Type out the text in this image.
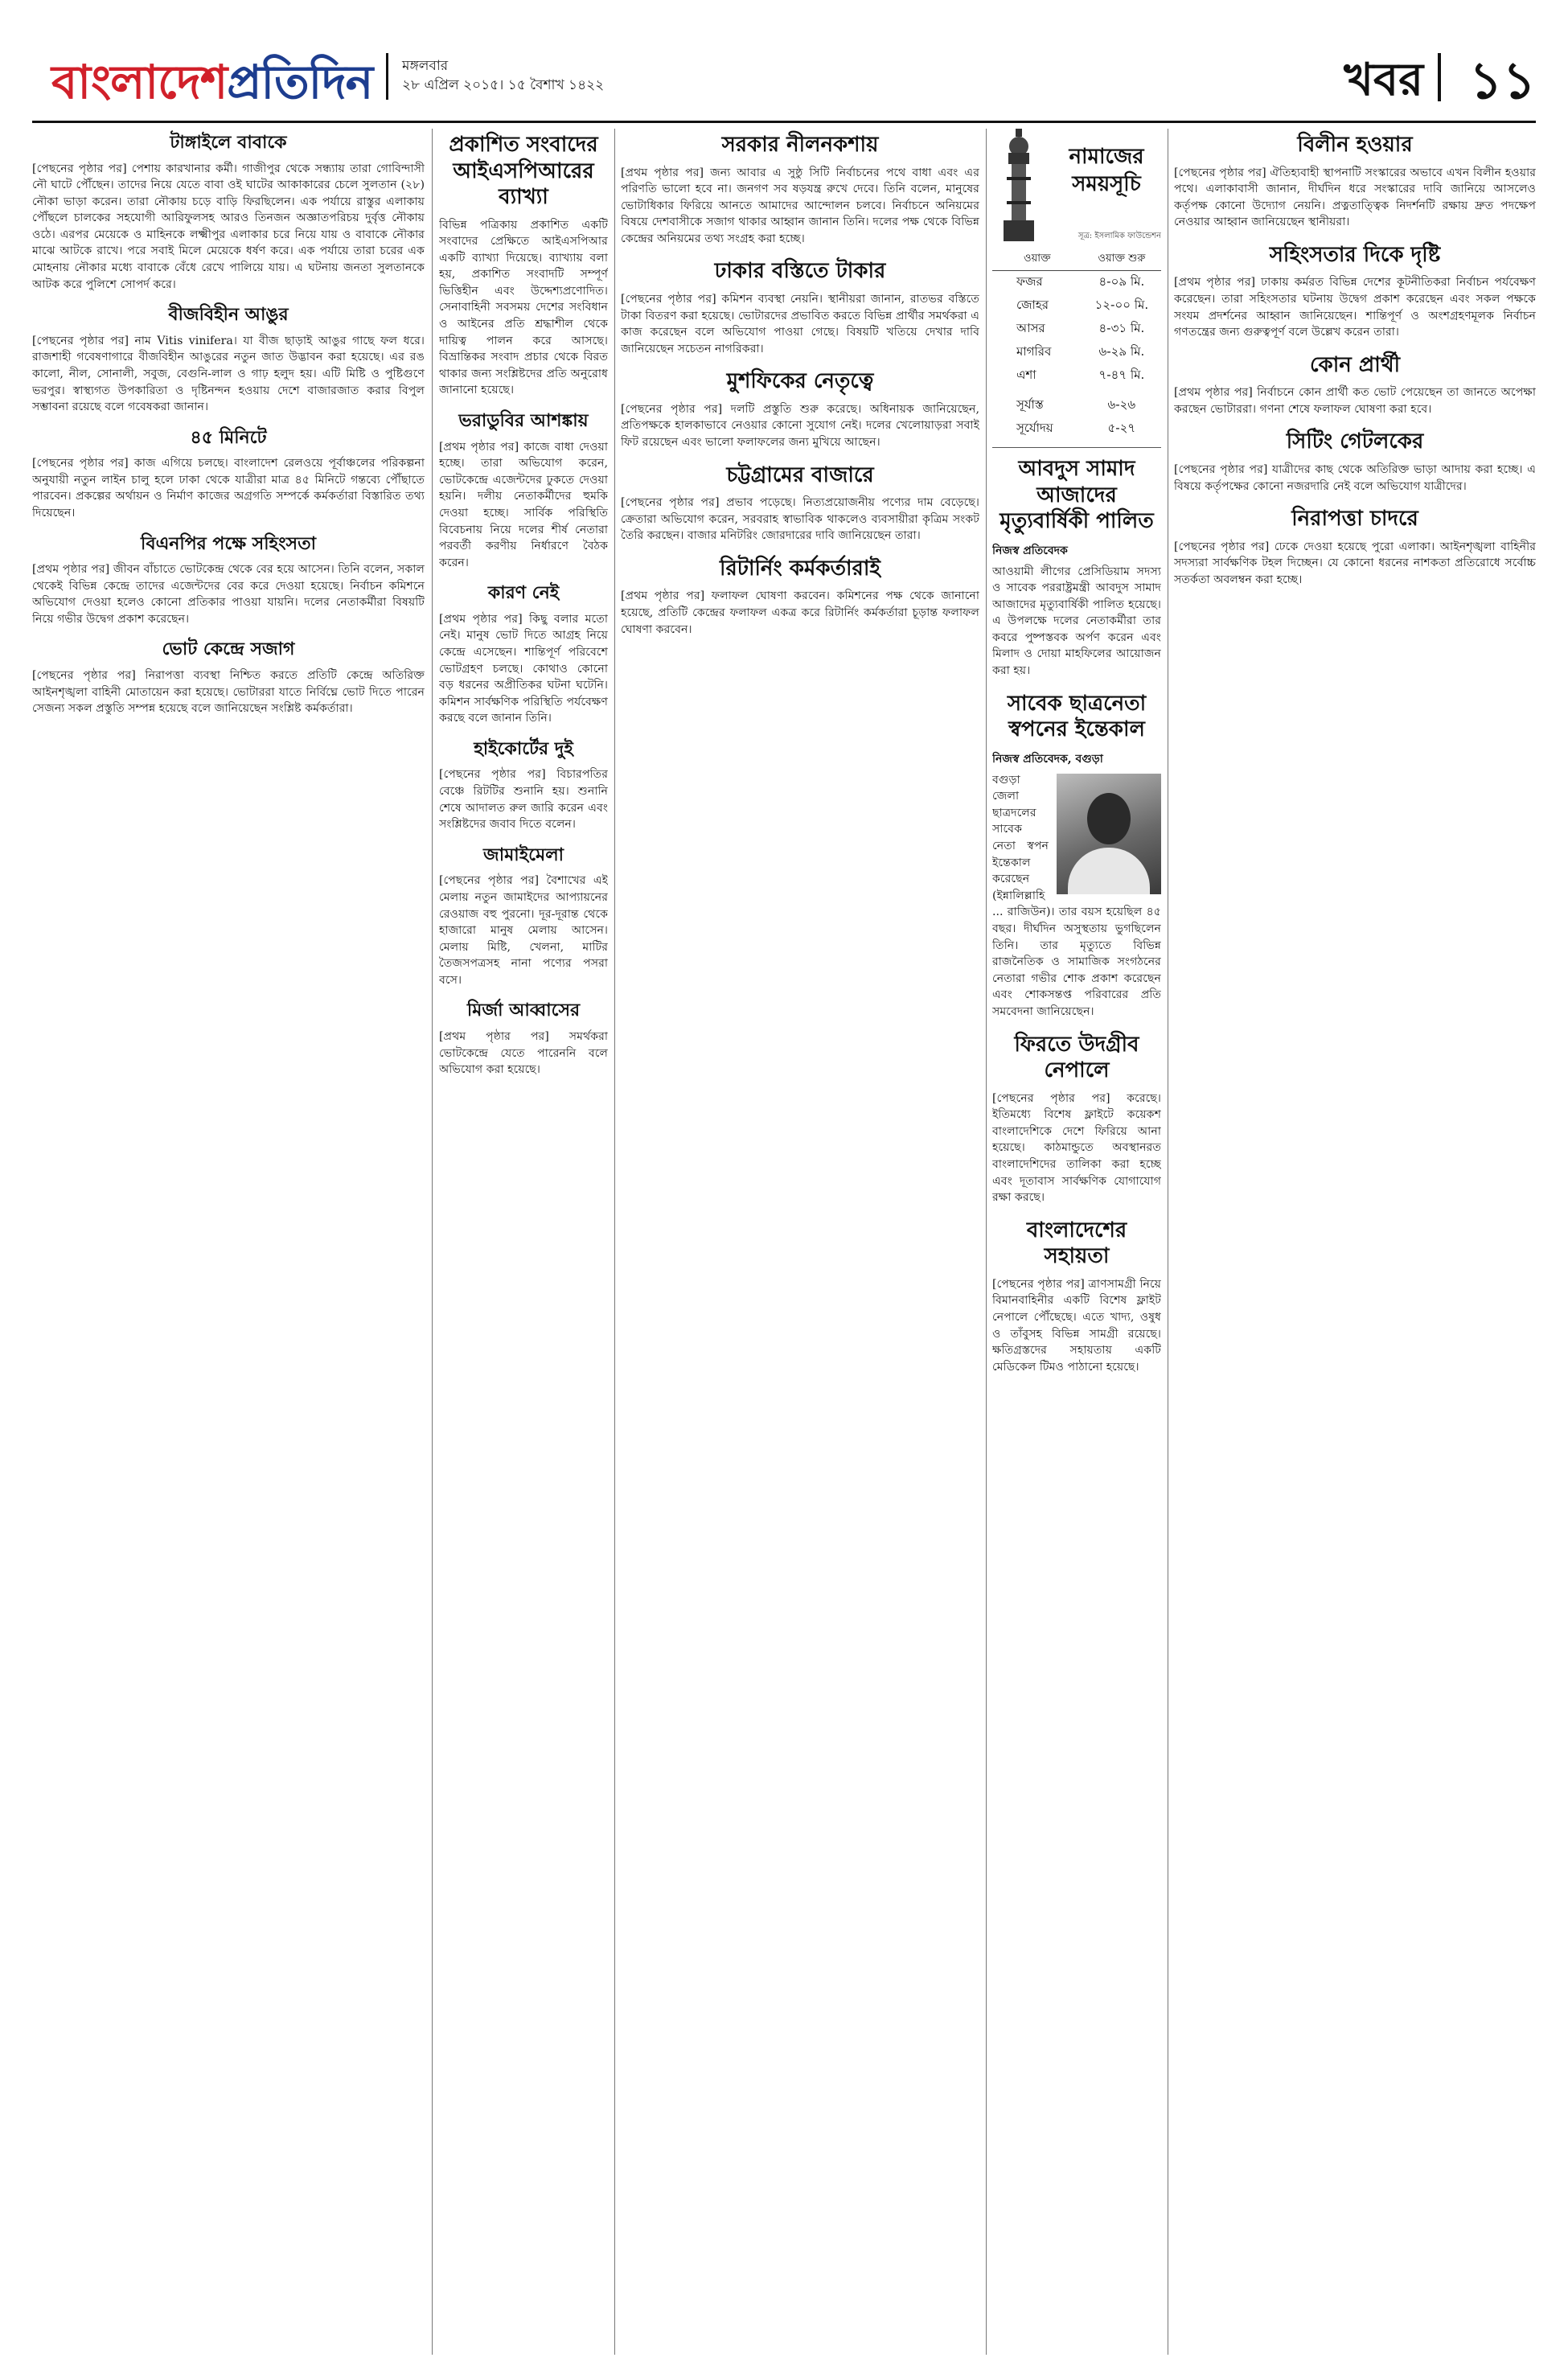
বাংলাদেশপ্রতিদিন মঙ্গলবার
২৮ এপ্রিল ২০১৫। ১৫ বৈশাখ ১৪২২	খবর ১১
টাঙ্গাইলে বাবাকে

[পেছনের পৃষ্ঠার পর] পেশায় কারখানার কর্মী। গাজীপুর থেকে সন্ধ্যায় তারা গোবিন্দাসী নৌ ঘাটে পৌঁছেন। তাদের নিয়ে যেতে বাবা ওই ঘাটের আকাকারের চেলে সুলতান (২৮) নৌকা ভাড়া করেন। তারা নৌকায় চড়ে বাড়ি ফিরছিলেন। এক পর্যায়ে রাস্তুর এলাকায় পৌঁছলে চালকের সহযোগী আরিফুলসহ আরও তিনজন অজ্ঞাতপরিচয় দুর্বৃত্ত নৌকায় ওঠে। এরপর মেয়েকে ও মাহিনকে লক্ষ্মীপুর এলাকার চরে নিয়ে যায় ও বাবাকে নৌকার মাঝে আটকে রাখে। পরে সবাই মিলে মেয়েকে ধর্ষণ করে। এক পর্যায়ে তারা চরের এক মোহনায় নৌকার মধ্যে বাবাকে বেঁধে রেখে পালিয়ে যায়। এ ঘটনায় জনতা সুলতানকে আটক করে পুলিশে সোপর্দ করে।

বীজবিহীন আঙুর

[পেছনের পৃষ্ঠার পর] নাম Vitis vinifera। যা বীজ ছাড়াই আঙুর গাছে ফল ধরে। রাজশাহী গবেষণাগারে বীজবিহীন আঙুরের নতুন জাত উদ্ভাবন করা হয়েছে। এর রঙ কালো, নীল, সোনালী, সবুজ, বেগুনি-লাল ও গাঢ় হলুদ হয়। এটি মিষ্টি ও পুষ্টিগুণে ভরপুর। স্বাস্থ্যগত উপকারিতা ও দৃষ্টিনন্দন হওয়ায় দেশে বাজারজাত করার বিপুল সম্ভাবনা রয়েছে বলে গবেষকরা জানান।

৪৫ মিনিটে

[পেছনের পৃষ্ঠার পর] কাজ এগিয়ে চলছে। বাংলাদেশ রেলওয়ে পূর্বাঞ্চলের পরিকল্পনা অনুযায়ী নতুন লাইন চালু হলে ঢাকা থেকে যাত্রীরা মাত্র ৪৫ মিনিটে গন্তব্যে পৌঁছাতে পারবেন। প্রকল্পের অর্থায়ন ও নির্মাণ কাজের অগ্রগতি সম্পর্কে কর্মকর্তারা বিস্তারিত তথ্য দিয়েছেন।

বিএনপির পক্ষে সহিংসতা

[প্রথম পৃষ্ঠার পর] জীবন বাঁচাতে ভোটকেন্দ্র থেকে বের হয়ে আসেন। তিনি বলেন, সকাল থেকেই বিভিন্ন কেন্দ্রে তাদের এজেন্টদের বের করে দেওয়া হয়েছে। নির্বাচন কমিশনে অভিযোগ দেওয়া হলেও কোনো প্রতিকার পাওয়া যায়নি। দলের নেতাকর্মীরা বিষয়টি নিয়ে গভীর উদ্বেগ প্রকাশ করেছেন।

ভোট কেন্দ্রে সজাগ

[পেছনের পৃষ্ঠার পর] নিরাপত্তা ব্যবস্থা নিশ্চিত করতে প্রতিটি কেন্দ্রে অতিরিক্ত আইনশৃঙ্খলা বাহিনী মোতায়েন করা হয়েছে। ভোটাররা যাতে নির্বিঘ্নে ভোট দিতে পারেন সেজন্য সকল প্রস্তুতি সম্পন্ন হয়েছে বলে জানিয়েছেন সংশ্লিষ্ট কর্মকর্তারা।

প্রকাশিত সংবাদের আইএসপিআরের ব্যাখ্যা

বিভিন্ন পত্রিকায় প্রকাশিত একটি সংবাদের প্রেক্ষিতে আইএসপিআর একটি ব্যাখ্যা দিয়েছে। ব্যাখ্যায় বলা হয়, প্রকাশিত সংবাদটি সম্পূর্ণ ভিত্তিহীন এবং উদ্দেশ্যপ্রণোদিত। সেনাবাহিনী সবসময় দেশের সংবিধান ও আইনের প্রতি শ্রদ্ধাশীল থেকে দায়িত্ব পালন করে আসছে। বিভ্রান্তিকর সংবাদ প্রচার থেকে বিরত থাকার জন্য সংশ্লিষ্টদের প্রতি অনুরোধ জানানো হয়েছে।

ভরাডুবির আশঙ্কায়

[প্রথম পৃষ্ঠার পর] কাজে বাধা দেওয়া হচ্ছে। তারা অভিযোগ করেন, ভোটকেন্দ্রে এজেন্টদের ঢুকতে দেওয়া হয়নি। দলীয় নেতাকর্মীদের হুমকি দেওয়া হচ্ছে। সার্বিক পরিস্থিতি বিবেচনায় নিয়ে দলের শীর্ষ নেতারা পরবর্তী করণীয় নির্ধারণে বৈঠক করেন।

কারণ নেই

[প্রথম পৃষ্ঠার পর] কিছু বলার মতো নেই। মানুষ ভোট দিতে আগ্রহ নিয়ে কেন্দ্রে এসেছেন। শান্তিপূর্ণ পরিবেশে ভোটগ্রহণ চলছে। কোথাও কোনো বড় ধরনের অপ্রীতিকর ঘটনা ঘটেনি। কমিশন সার্বক্ষণিক পরিস্থিতি পর্যবেক্ষণ করছে বলে জানান তিনি।

হাইকোর্টের দুই

[পেছনের পৃষ্ঠার পর] বিচারপতির বেঞ্চে রিটটির শুনানি হয়। শুনানি শেষে আদালত রুল জারি করেন এবং সংশ্লিষ্টদের জবাব দিতে বলেন।

জামাইমেলা

[পেছনের পৃষ্ঠার পর] বৈশাখের এই মেলায় নতুন জামাইদের আপ্যায়নের রেওয়াজ বহু পুরনো। দূর-দূরান্ত থেকে হাজারো মানুষ মেলায় আসেন। মেলায় মিষ্টি, খেলনা, মাটির তৈজসপত্রসহ নানা পণ্যের পসরা বসে।

মির্জা আব্বাসের

[প্রথম পৃষ্ঠার পর] সমর্থকরা ভোটকেন্দ্রে যেতে পারেননি বলে অভিযোগ করা হয়েছে।

সরকার নীলনকশায়

[প্রথম পৃষ্ঠার পর] জন্য আবার এ সুষ্ঠু সিটি নির্বাচনের পথে বাধা এবং এর পরিণতি ভালো হবে না। জনগণ সব ষড়যন্ত্র রুখে দেবে। তিনি বলেন, মানুষের ভোটাধিকার ফিরিয়ে আনতে আমাদের আন্দোলন চলবে। নির্বাচনে অনিয়মের বিষয়ে দেশবাসীকে সজাগ থাকার আহ্বান জানান তিনি। দলের পক্ষ থেকে বিভিন্ন কেন্দ্রের অনিয়মের তথ্য সংগ্রহ করা হচ্ছে।

ঢাকার বস্তিতে টাকার

[পেছনের পৃষ্ঠার পর] কমিশন ব্যবস্থা নেয়নি। স্থানীয়রা জানান, রাতভর বস্তিতে টাকা বিতরণ করা হয়েছে। ভোটারদের প্রভাবিত করতে বিভিন্ন প্রার্থীর সমর্থকরা এ কাজ করেছেন বলে অভিযোগ পাওয়া গেছে। বিষয়টি খতিয়ে দেখার দাবি জানিয়েছেন সচেতন নাগরিকরা।

মুশফিকের নেতৃত্বে

[পেছনের পৃষ্ঠার পর] দলটি প্রস্তুতি শুরু করেছে। অধিনায়ক জানিয়েছেন, প্রতিপক্ষকে হালকাভাবে নেওয়ার কোনো সুযোগ নেই। দলের খেলোয়াড়রা সবাই ফিট রয়েছেন এবং ভালো ফলাফলের জন্য মুখিয়ে আছেন।

চট্টগ্রামের বাজারে

[পেছনের পৃষ্ঠার পর] প্রভাব পড়েছে। নিত্যপ্রয়োজনীয় পণ্যের দাম বেড়েছে। ক্রেতারা অভিযোগ করেন, সরবরাহ স্বাভাবিক থাকলেও ব্যবসায়ীরা কৃত্রিম সংকট তৈরি করছেন। বাজার মনিটরিং জোরদারের দাবি জানিয়েছেন তারা।

রিটার্নিং কর্মকর্তারাই

[প্রথম পৃষ্ঠার পর] ফলাফল ঘোষণা করবেন। কমিশনের পক্ষ থেকে জানানো হয়েছে, প্রতিটি কেন্দ্রের ফলাফল একত্র করে রিটার্নিং কর্মকর্তারা চূড়ান্ত ফলাফল ঘোষণা করবেন।

নামাজের
সময়সূচি
সূত্র: ইসলামিক ফাউন্ডেশন
ওয়াক্ত	ওয়াক্ত শুরু
ফজর	৪-০৯ মি.
জোহর	১২-০০ মি.
আসর	৪-৩১ মি.
মাগরিব	৬-২৯ মি.
এশা	৭-৪৭ মি.
সূর্যাস্ত	৬-২৬
সূর্যোদয়	৫-২৭
আবদুস সামাদ আজাদের মৃত্যুবার্ষিকী পালিত
নিজস্ব প্রতিবেদক

আওয়ামী লীগের প্রেসিডিয়াম সদস্য ও সাবেক পররাষ্ট্রমন্ত্রী আবদুস সামাদ আজাদের মৃত্যুবার্ষিকী পালিত হয়েছে। এ উপলক্ষে দলের নেতাকর্মীরা তার কবরে পুষ্পস্তবক অর্পণ করেন এবং মিলাদ ও দোয়া মাহফিলের আয়োজন করা হয়।

সাবেক ছাত্রনেতা স্বপনের ইন্তেকাল
নিজস্ব প্রতিবেদক, বগুড়া

বগুড়া জেলা ছাত্রদলের সাবেক নেতা স্বপন ইন্তেকাল করেছেন (ইন্নালিল্লাহি ... রাজিউন)। তার বয়স হয়েছিল ৪৫ বছর। দীর্ঘদিন অসুস্থতায় ভুগছিলেন তিনি। তার মৃত্যুতে বিভিন্ন রাজনৈতিক ও সামাজিক সংগঠনের নেতারা গভীর শোক প্রকাশ করেছেন এবং শোকসন্তপ্ত পরিবারের প্রতি সমবেদনা জানিয়েছেন।

ফিরতে উদগ্রীব নেপালে

[পেছনের পৃষ্ঠার পর] করেছে। ইতিমধ্যে বিশেষ ফ্লাইটে কয়েকশ বাংলাদেশিকে দেশে ফিরিয়ে আনা হয়েছে। কাঠমান্ডুতে অবস্থানরত বাংলাদেশিদের তালিকা করা হচ্ছে এবং দূতাবাস সার্বক্ষণিক যোগাযোগ রক্ষা করছে।

বাংলাদেশের সহায়তা

[পেছনের পৃষ্ঠার পর] ত্রাণসামগ্রী নিয়ে বিমানবাহিনীর একটি বিশেষ ফ্লাইট নেপালে পৌঁছেছে। এতে খাদ্য, ওষুধ ও তাঁবুসহ বিভিন্ন সামগ্রী রয়েছে। ক্ষতিগ্রস্তদের সহায়তায় একটি মেডিকেল টিমও পাঠানো হয়েছে।

বিলীন হওয়ার

[পেছনের পৃষ্ঠার পর] ঐতিহ্যবাহী স্থাপনাটি সংস্কারের অভাবে এখন বিলীন হওয়ার পথে। এলাকাবাসী জানান, দীর্ঘদিন ধরে সংস্কারের দাবি জানিয়ে আসলেও কর্তৃপক্ষ কোনো উদ্যোগ নেয়নি। প্রত্নতাত্ত্বিক নিদর্শনটি রক্ষায় দ্রুত পদক্ষেপ নেওয়ার আহ্বান জানিয়েছেন স্থানীয়রা।

সহিংসতার দিকে দৃষ্টি

[প্রথম পৃষ্ঠার পর] ঢাকায় কর্মরত বিভিন্ন দেশের কূটনীতিকরা নির্বাচন পর্যবেক্ষণ করেছেন। তারা সহিংসতার ঘটনায় উদ্বেগ প্রকাশ করেছেন এবং সকল পক্ষকে সংযম প্রদর্শনের আহ্বান জানিয়েছেন। শান্তিপূর্ণ ও অংশগ্রহণমূলক নির্বাচন গণতন্ত্রের জন্য গুরুত্বপূর্ণ বলে উল্লেখ করেন তারা।

কোন প্রার্থী

[প্রথম পৃষ্ঠার পর] নির্বাচনে কোন প্রার্থী কত ভোট পেয়েছেন তা জানতে অপেক্ষা করছেন ভোটাররা। গণনা শেষে ফলাফল ঘোষণা করা হবে।

সিটিং গেটলকের

[পেছনের পৃষ্ঠার পর] যাত্রীদের কাছ থেকে অতিরিক্ত ভাড়া আদায় করা হচ্ছে। এ বিষয়ে কর্তৃপক্ষের কোনো নজরদারি নেই বলে অভিযোগ যাত্রীদের।

নিরাপত্তা চাদরে

[পেছনের পৃষ্ঠার পর] ঢেকে দেওয়া হয়েছে পুরো এলাকা। আইনশৃঙ্খলা বাহিনীর সদস্যরা সার্বক্ষণিক টহল দিচ্ছেন। যে কোনো ধরনের নাশকতা প্রতিরোধে সর্বোচ্চ সতর্কতা অবলম্বন করা হচ্ছে।
